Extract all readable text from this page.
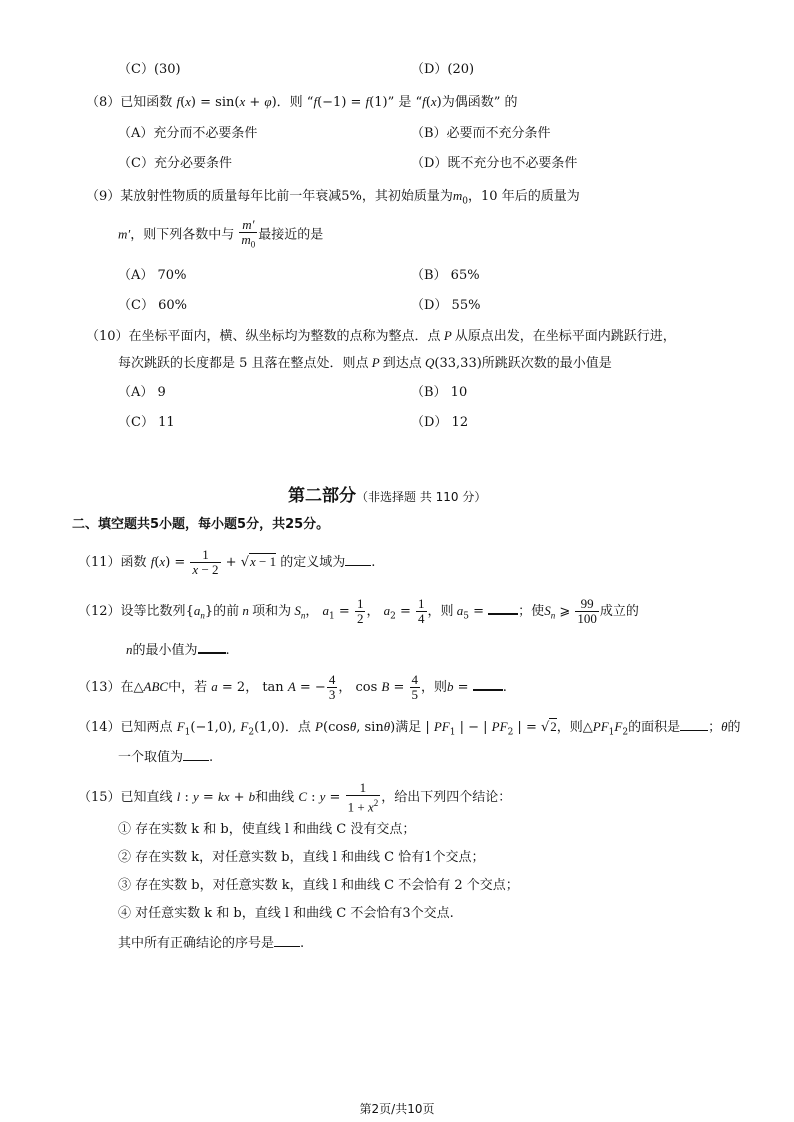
（C）(30)	（D）(20)
（8）已知函数 f(x) = sin(x + φ)．则 “f(−1) = f(1)” 是 “f(x)为偶函数” 的
（A）充分而不必要条件	（B）必要而不充分条件
（C）充分必要条件	（D）既不充分也不必要条件
（9）某放射性物质的质量每年比前一年衰减5%，其初始质量为$m_0$，10 年后的质量为
m′，则下列各数中与 $\frac{m'}{m_0}$ 最接近的是
（A） 70%	（B） 65%
（C） 60%	（D） 55%
（10）在坐标平面内，横、纵坐标均为整数的点称为整点．点 P 从原点出发，在坐标平面内跳跃行进，
每次跳跃的长度都是 5 且落在整点处．则点 P 到达点 Q(33,33)所跳跃次数的最小值是
（A） 9	（B） 10
（C） 11	（D） 12
第二部分（非选择题 共 110 分）
二、填空题共5小题，每小题5分，共25分。
（11）函数 $f(x) = \frac{1}{x - 2} + √x - 1$ 的定义域为 .
（12）设等比数列$\{a_n\}$的前 n 项和为 $S_n$， $a_1 = \frac{1}{2}$ ， $a_2 = \frac{1}{4}$ ，则 $a_5$ = ；使$S_n$ ⩾ $\frac{99}{100}$ 成立的
n的最小值为 .
（13）在△ABC中，若 a = 2， tan A = − $\frac{4}{3}$ ， $\cos B = \frac{4}{5}$ ，则b = .
（14）已知两点 $F_1(-1,0)$, $F_2(1,0)$．点 P(cosθ, sinθ)满足 | $PF_1$ | − | $PF_2$ | = √2，则$\triangle PF_1F_2$的面积是 ；θ的
一个取值为 .
（15）已知直线 l : y = kx + b和曲线 C : $y = \frac{1}{1 + x^2}$ ，给出下列四个结论：
① 存在实数 k 和 b，使直线 l 和曲线 C 没有交点；
② 存在实数 k，对任意实数 b，直线 l 和曲线 C 恰有1个交点；
③ 存在实数 b，对任意实数 k，直线 l 和曲线 C 不会恰有 2 个交点；
④ 对任意实数 k 和 b，直线 l 和曲线 C 不会恰有3个交点.
其中所有正确结论的序号是 .
第2页/共10页
